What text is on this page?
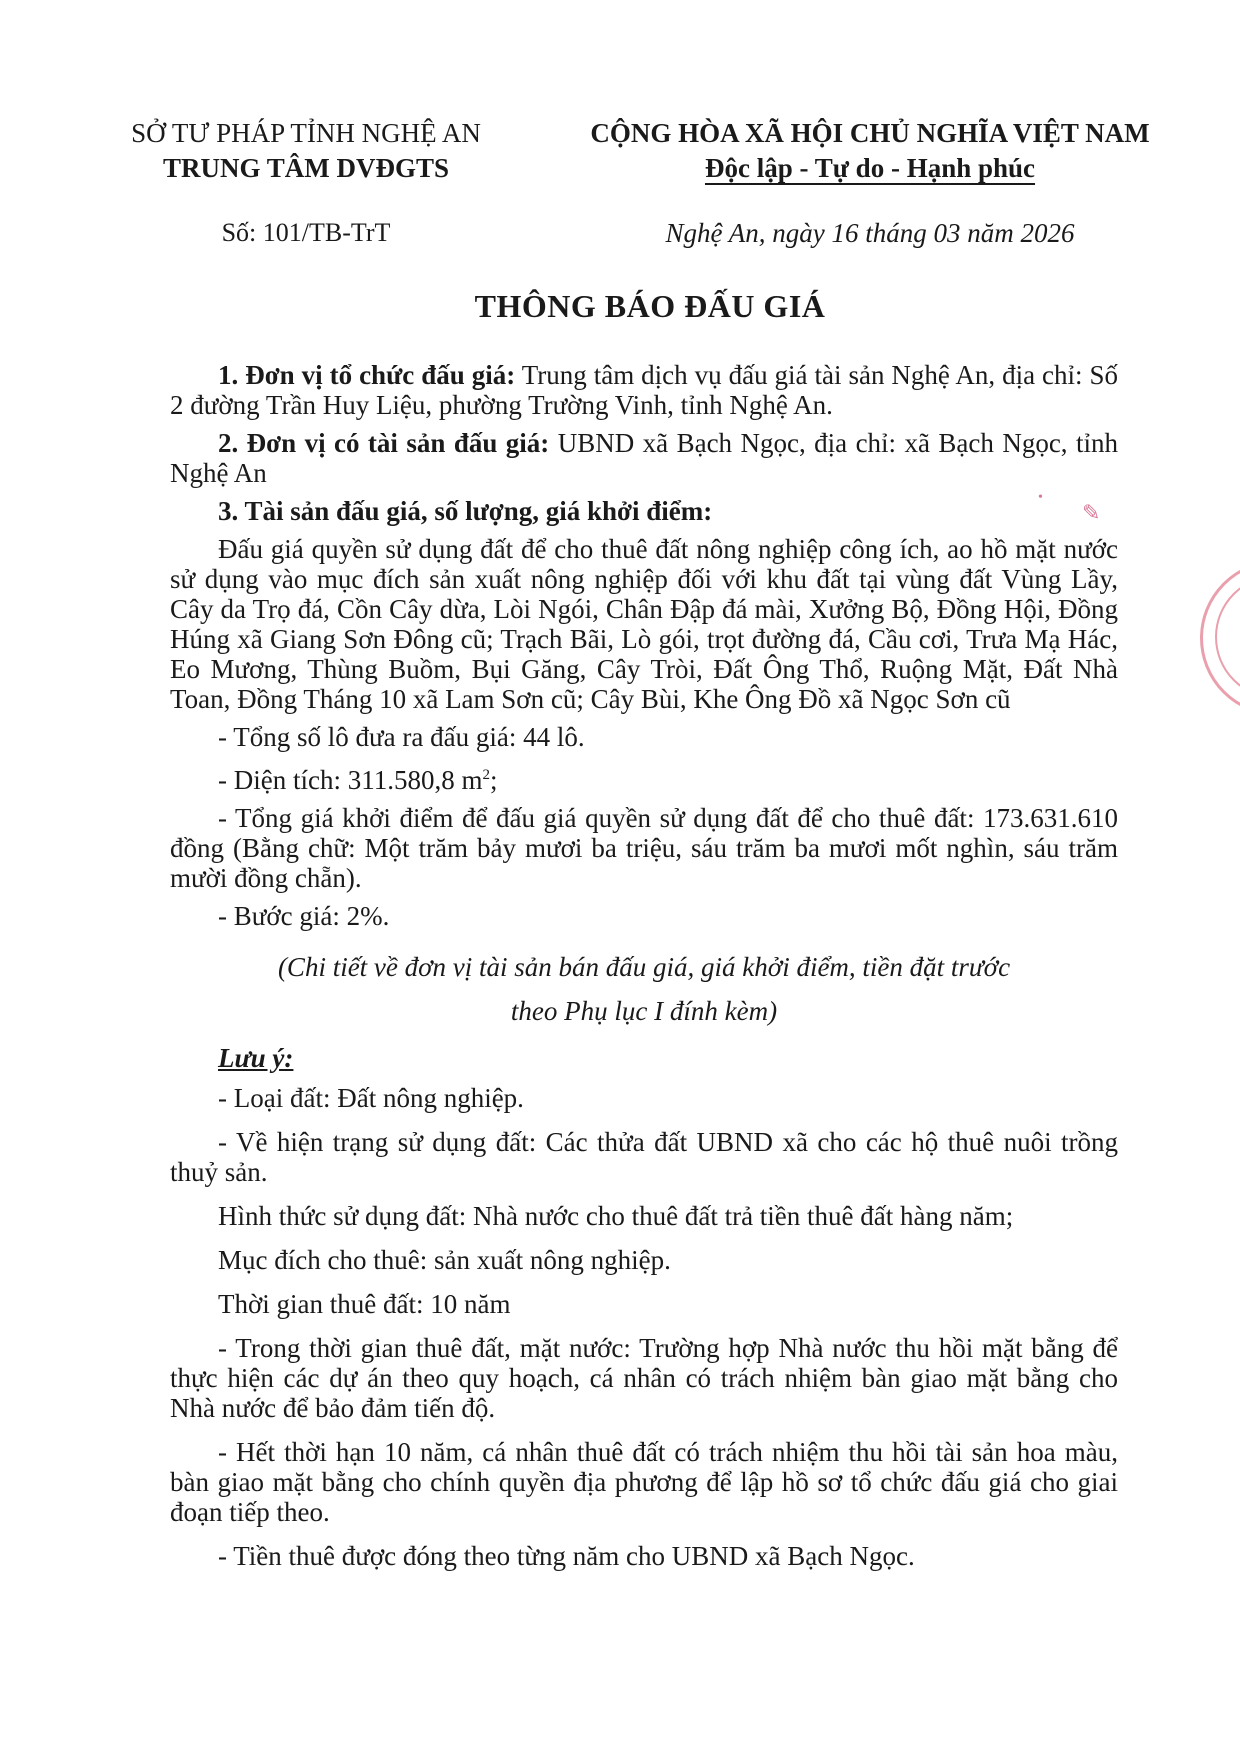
SỞ TƯ PHÁP TỈNH NGHỆ AN
TRUNG TÂM DVĐGTS
CỘNG HÒA XÃ HỘI CHỦ NGHĨA VIỆT NAM
Độc lập - Tự do - Hạnh phúc
Số: 101/TB-TrT	Nghệ An, ngày 16 tháng 03 năm 2026
THÔNG BÁO ĐẤU GIÁ

1. Đơn vị tổ chức đấu giá: Trung tâm dịch vụ đấu giá tài sản Nghệ An, địa chỉ: Số 2 đường Trần Huy Liệu, phường Trường Vinh, tỉnh Nghệ An.

2. Đơn vị có tài sản đấu giá: UBND xã Bạch Ngọc, địa chỉ: xã Bạch Ngọc, tỉnh Nghệ An

3. Tài sản đấu giá, số lượng, giá khởi điểm:

Đấu giá quyền sử dụng đất để cho thuê đất nông nghiệp công ích, ao hồ mặt nước sử dụng vào mục đích sản xuất nông nghiệp đối với khu đất tại vùng đất Vùng Lầy, Cây da Trọ đá, Cồn Cây dừa, Lòi Ngói, Chân Đập đá mài, Xưởng Bộ, Đồng Hội, Đồng Húng xã Giang Sơn Đông cũ; Trạch Bãi, Lò gói, trọt đường đá, Cầu cơi, Trưa Mạ Hác, Eo Mương, Thùng Buồm, Bụi Găng, Cây Tròi, Đất Ông Thổ, Ruộng Mặt, Đất Nhà Toan, Đồng Tháng 10 xã Lam Sơn cũ; Cây Bùi, Khe Ông Đồ xã Ngọc Sơn cũ

- Tổng số lô đưa ra đấu giá: 44 lô.

- Diện tích: 311.580,8 $m^2$;

- Tổng giá khởi điểm để đấu giá quyền sử dụng đất để cho thuê đất: 173.631.610 đồng (Bằng chữ: Một trăm bảy mươi ba triệu, sáu trăm ba mươi mốt nghìn, sáu trăm mười đồng chẵn).

- Bước giá: 2%.

(Chi tiết về đơn vị tài sản bán đấu giá, giá khởi điểm, tiền đặt trước
theo Phụ lục I đính kèm)
Lưu ý:

- Loại đất: Đất nông nghiệp.

- Về hiện trạng sử dụng đất: Các thửa đất UBND xã cho các hộ thuê nuôi trồng thuỷ sản.

Hình thức sử dụng đất: Nhà nước cho thuê đất trả tiền thuê đất hàng năm;

Mục đích cho thuê: sản xuất nông nghiệp.

Thời gian thuê đất: 10 năm

- Trong thời gian thuê đất, mặt nước: Trường hợp Nhà nước thu hồi mặt bằng để thực hiện các dự án theo quy hoạch, cá nhân có trách nhiệm bàn giao mặt bằng cho Nhà nước để bảo đảm tiến độ.

- Hết thời hạn 10 năm, cá nhân thuê đất có trách nhiệm thu hồi tài sản hoa màu, bàn giao mặt bằng cho chính quyền địa phương để lập hồ sơ tổ chức đấu giá cho giai đoạn tiếp theo.

- Tiền thuê được đóng theo từng năm cho UBND xã Bạch Ngọc.

✎
•
